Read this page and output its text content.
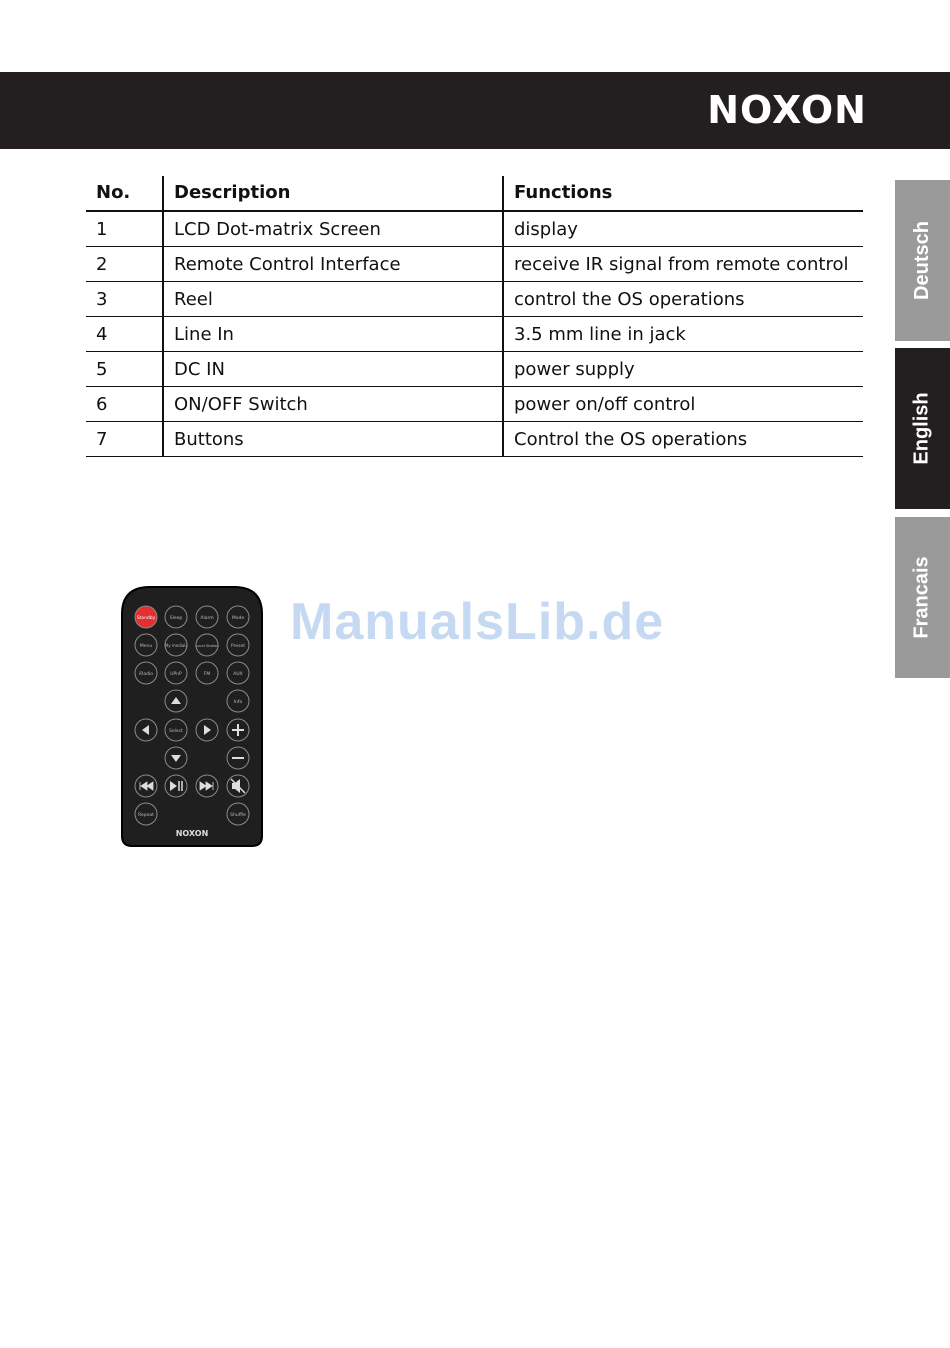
NOXON
No.	Description	Functions
1	LCD Dot-matrix Screen	display
2	Remote Control Interface	receive IR signal from remote control
3	Reel	control the OS operations
4	Line In	3.5 mm line in jack
5	DC IN	power supply
6	ON/OFF Switch	power on/off control
7	Buttons	Control the OS operations
Deutsch
English
Francais
ManualsLib.de
Standby	Sleep	Alarm	Mode
Menu	My mediaU Local Station	Preset
iRadio	UPnP	FM	AUX
Info
Select
Repeat	Shuffle
NOXON
